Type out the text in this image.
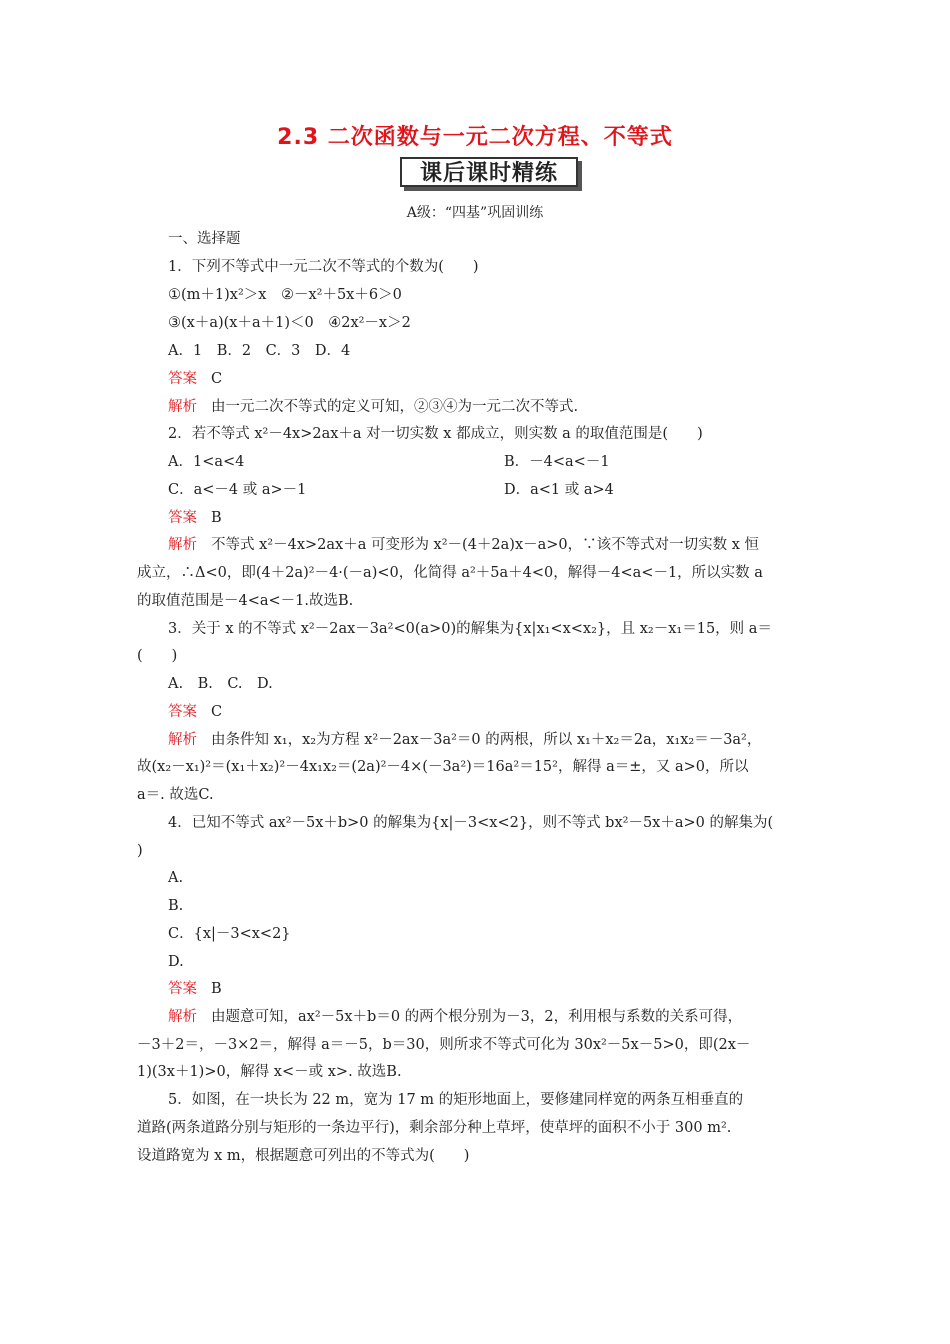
2.3 二次函数与一元二次方程、不等式
课后课时精练
A级：“四基”巩固训练
一、选择题
1．下列不等式中一元二次不等式的个数为(　　)
①(m＋1)x²＞x　②－x²＋5x＋6＞0
③(x＋a)(x＋a＋1)＜0　④2x²－x＞2
A．1　B．2　C．3　D．4
答案 C
解析 由一元二次不等式的定义可知，②③④为一元二次不等式.
2．若不等式 x²－4x>2ax＋a 对一切实数 x 都成立，则实数 a 的取值范围是(　　)
A．1<a<4	B．－4<a<－1
C．a<－4 或 a>－1	D．a<1 或 a>4
答案 B
解析 不等式 x²－4x>2ax＋a 可变形为 x²－(4＋2a)x－a>0，∵该不等式对一切实数 x 恒
成立，∴Δ<0，即(4＋2a)²－4·(－a)<0，化简得 a²＋5a＋4<0，解得－4<a<－1，所以实数 a
的取值范围是－4<a<－1.故选B.
3．关于 x 的不等式 x²－2ax－3a²<0(a>0)的解集为{x|x₁<x<x₂}，且 x₂－x₁＝15，则 a＝
(　　)
A.　B.　C.　D.
答案 C
解析 由条件知 x₁，x₂为方程 x²－2ax－3a²＝0 的两根，所以 x₁＋x₂＝2a，x₁x₂＝－3a²，
故(x₂－x₁)²＝(x₁＋x₂)²－4x₁x₂＝(2a)²－4×(－3a²)＝16a²＝15²，解得 a＝±，又 a>0，所以
a＝. 故选C.
4．已知不等式 ax²－5x＋b>0 的解集为{x|－3<x<2}，则不等式 bx²－5x＋a>0 的解集为(
)
A.
B.
C．{x|－3<x<2}
D.
答案 B
解析 由题意可知，ax²－5x＋b＝0 的两个根分别为－3，2，利用根与系数的关系可得，
－3＋2＝，－3×2＝，解得 a＝－5，b＝30，则所求不等式可化为 30x²－5x－5>0，即(2x－
1)(3x＋1)>0，解得 x<－或 x>. 故选B.
5．如图，在一块长为 22 m，宽为 17 m 的矩形地面上，要修建同样宽的两条互相垂直的
道路(两条道路分别与矩形的一条边平行)，剩余部分种上草坪，使草坪的面积不小于 300 m².
设道路宽为 x m，根据题意可列出的不等式为(　　)
